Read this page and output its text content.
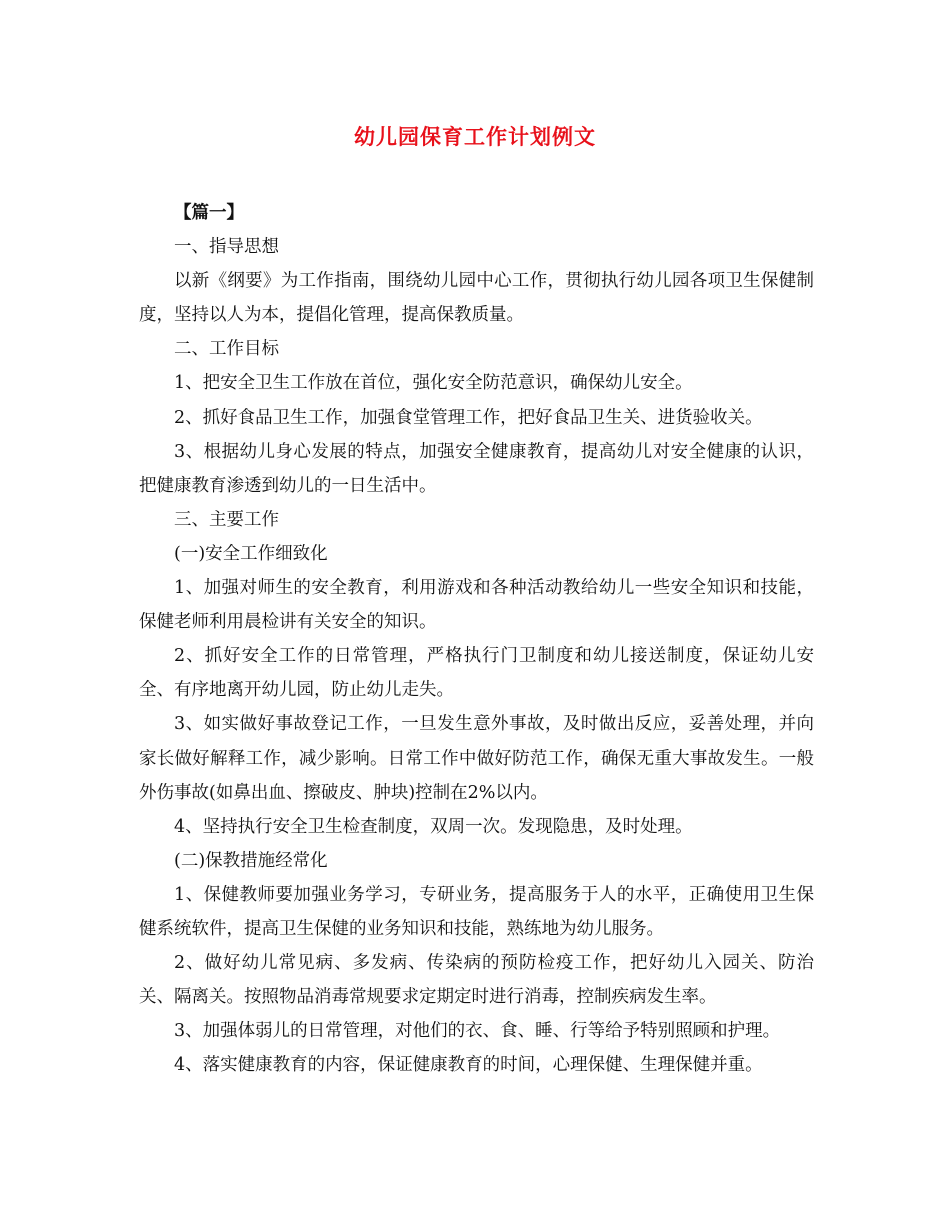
幼儿园保育工作计划例文

【篇一】

一、指导思想

以新《纲要》为工作指南，围绕幼儿园中心工作，贯彻执行幼儿园各项卫生保健制度，坚持以人为本，提倡化管理，提高保教质量。

二、工作目标

1、把安全卫生工作放在首位，强化安全防范意识，确保幼儿安全。

2、抓好食品卫生工作，加强食堂管理工作，把好食品卫生关、进货验收关。

3、根据幼儿身心发展的特点，加强安全健康教育，提高幼儿对安全健康的认识，把健康教育渗透到幼儿的一日生活中。

三、主要工作

(一)安全工作细致化

1、加强对师生的安全教育，利用游戏和各种活动教给幼儿一些安全知识和技能，保健老师利用晨检讲有关安全的知识。

2、抓好安全工作的日常管理，严格执行门卫制度和幼儿接送制度，保证幼儿安全、有序地离开幼儿园，防止幼儿走失。

3、如实做好事故登记工作，一旦发生意外事故，及时做出反应，妥善处理，并向家长做好解释工作，减少影响。日常工作中做好防范工作，确保无重大事故发生。一般外伤事故(如鼻出血、擦破皮、肿块)控制在2%以内。

4、坚持执行安全卫生检查制度，双周一次。发现隐患，及时处理。

(二)保教措施经常化

1、保健教师要加强业务学习，专研业务，提高服务于人的水平，正确使用卫生保健系统软件，提高卫生保健的业务知识和技能，熟练地为幼儿服务。

2、做好幼儿常见病、多发病、传染病的预防检疫工作，把好幼儿入园关、防治关、隔离关。按照物品消毒常规要求定期定时进行消毒，控制疾病发生率。

3、加强体弱儿的日常管理，对他们的衣、食、睡、行等给予特别照顾和护理。

4、落实健康教育的内容，保证健康教育的时间，心理保健、生理保健并重。
